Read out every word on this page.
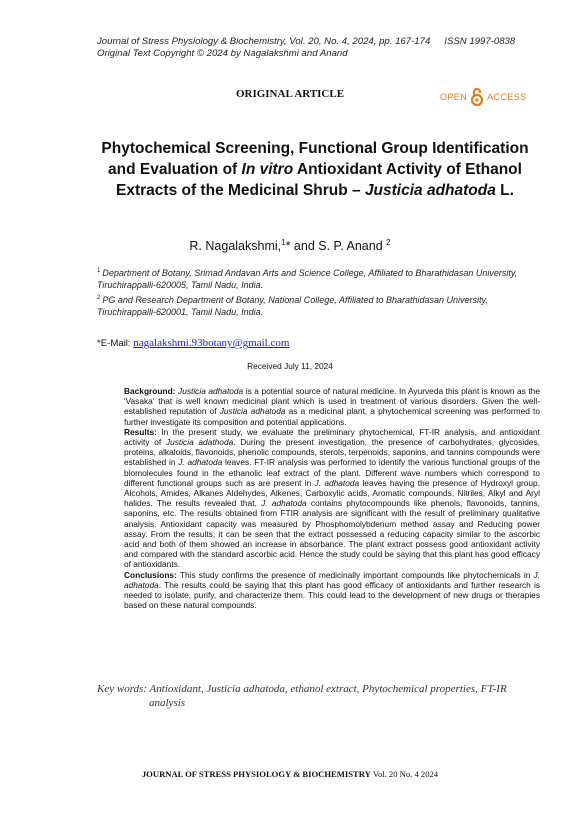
Journal of Stress Physiology & Biochemistry, Vol. 20, No. 4, 2024, pp. 167-174 ISSN 1997-0838
Original Text Copyright © 2024 by Nagalakshmi and Anand
ORIGINAL ARTICLE	OPEN ACCESS
Phytochemical Screening, Functional Group Identification and Evaluation of In vitro Antioxidant Activity of Ethanol Extracts of the Medicinal Shrub – Justicia adhatoda L.
R. Nagalakshmi,$^1$* and S. P. Anand $^2$
$^1$ Department of Botany, Srimad Andavan Arts and Science College, Affiliated to Bharathidasan University, Tiruchirappalli-620005, Tamil Nadu, India.
$^2$ PG and Research Department of Botany, National College, Affiliated to Bharathidasan University, Tiruchirappalli-620001, Tamil Nadu, India.
*E-Mail: nagalakshmi.93botany@gmail.com
Received July 11, 2024

Background: Justicia adhatoda is a potential source of natural medicine. In Ayurveda this plant is known as the 'Vasaka' that is well known medicinal plant which is used in treatment of various disorders. Given the well-established reputation of Justicia adhatoda as a medicinal plant, a phytochemical screening was performed to further investigate its composition and potential applications.

Results: In the present study, we evaluate the preliminary phytochemical, FT-IR analysis, and antioxidant activity of Justicia adathoda. During the present investigation, the presence of carbohydrates, glycosides, proteins, alkaloids, flavonoids, phenolic compounds, sterols, terpenoids, saponins, and tannins compounds were established in J. adhatoda leaves. FT-IR analysis was performed to identify the various functional groups of the biomolecules found in the ethanolic leaf extract of the plant. Different wave numbers which correspond to different functional groups such as are present in J. adhatoda leaves having the presence of Hydroxyl group, Alcohols, Amides, Alkanes Aldehydes, Alkenes, Carboxylic acids, Aromatic compounds, Nitriles, Alkyl and Aryl halides. The results revealed that, J. adhatoda contains phytocompounds like phenols, flavonoids, tannins, saponins, etc. The results obtained from FTIR analysis are significant with the result of preliminary qualitative analysis. Antioxidant capacity was measured by Phosphomolybdenum method assay and Reducing power assay. From the results, it can be seen that the extract possessed a reducing capacity similar to the ascorbic acid and both of them showed an increase in absorbance. The plant extract possess good antioxidant activity and compared with the standard ascorbic acid. Hence the study could be saying that this plant has good efficacy of antioxidants.

Conclusions: This study confirms the presence of medicinally important compounds like phytochemicals in J. adhatoda. The results could be saying that this plant has good efficacy of antioxidants and further research is needed to isolate, purify, and characterize them. This could lead to the development of new drugs or therapies based on these natural compounds.

Key words: Antioxidant, Justicia adhatoda, ethanol extract, Phytochemical properties, FT-IR
analysis
JOURNAL OF STRESS PHYSIOLOGY & BIOCHEMISTRY Vol. 20 No. 4 2024
